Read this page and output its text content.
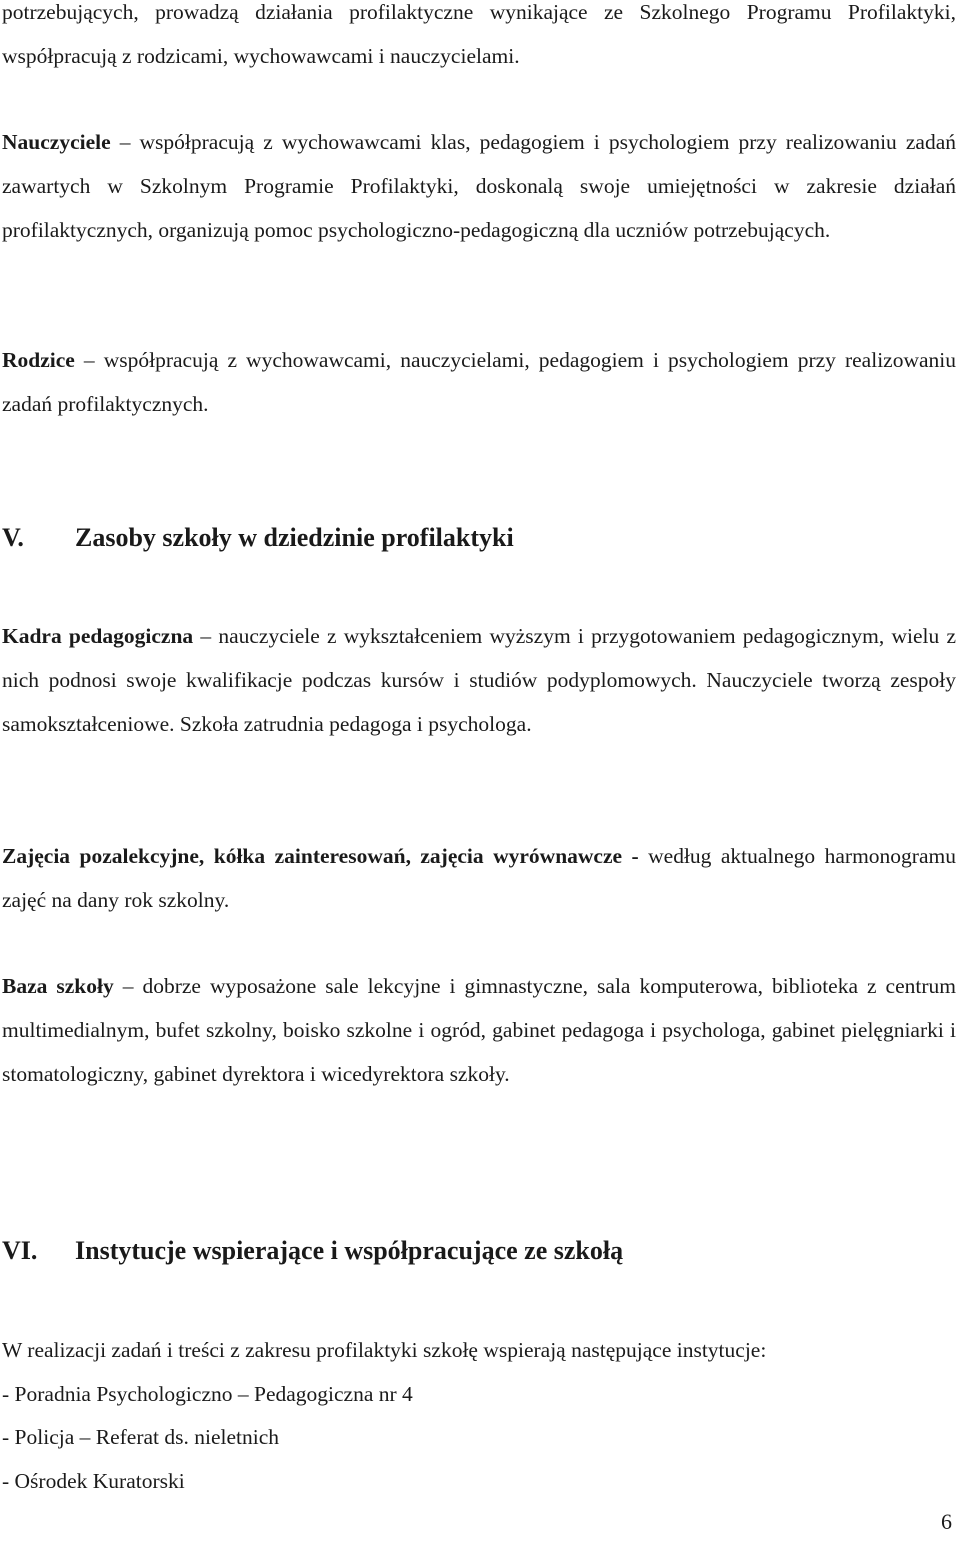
potrzebujących, prowadzą działania profilaktyczne wynikające ze Szkolnego Programu Profilaktyki, współpracują z rodzicami, wychowawcami i nauczycielami.

Nauczyciele – współpracują z wychowawcami klas, pedagogiem i psychologiem przy realizowaniu zadań zawartych w Szkolnym Programie Profilaktyki, doskonalą swoje umiejętności w zakresie działań profilaktycznych, organizują pomoc psychologiczno-pedagogiczną dla uczniów potrzebujących.

Rodzice – współpracują z wychowawcami, nauczycielami, pedagogiem i psychologiem przy realizowaniu zadań profilaktycznych.

V. Zasoby szkoły w dziedzinie profilaktyki

Kadra pedagogiczna – nauczyciele z wykształceniem wyższym i przygotowaniem pedagogicznym, wielu z nich podnosi swoje kwalifikacje podczas kursów i studiów podyplomowych. Nauczyciele tworzą zespoły samokształceniowe. Szkoła zatrudnia pedagoga i psychologa.

Zajęcia pozalekcyjne, kółka zainteresowań, zajęcia wyrównawcze - według aktualnego harmonogramu zajęć na dany rok szkolny.

Baza szkoły – dobrze wyposażone sale lekcyjne i gimnastyczne, sala komputerowa, biblioteka z centrum multimedialnym, bufet szkolny, boisko szkolne i ogród, gabinet pedagoga i psychologa, gabinet pielęgniarki i stomatologiczny, gabinet dyrektora i wicedyrektora szkoły.

VI. Instytucje wspierające i współpracujące ze szkołą

W realizacji zadań i treści z zakresu profilaktyki szkołę wspierają następujące instytucje:

- Poradnia Psychologiczno – Pedagogiczna nr 4

- Policja – Referat ds. nieletnich

- Ośrodek Kuratorski

6
